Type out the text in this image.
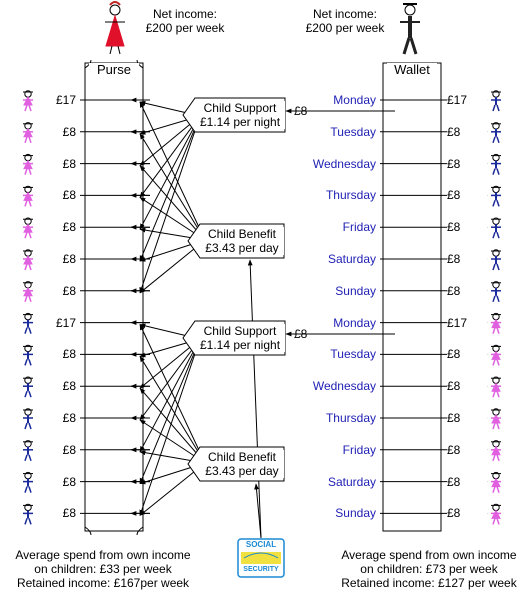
Net income:
£200 per week
Net income:
£200 per week
Purse	Wallet
Monday
£17	£17
Tuesday
£8	£8
Wednesday
£8	£8
Thursday
£8	£8
Friday
£8	£8
Saturday
£8	£8
Sunday
£8	£8
Monday
£17	£17
Tuesday
£8	£8
Wednesday
£8	£8
Thursday
£8	£8
Friday
£8	£8
Saturday
£8	£8
Sunday
£8	£8
Child Support
£1.14 per night
£8
Child Benefit
£3.43 per day
Child Support
£1.14 per night
£8
Child Benefit
£3.43 per day
SOCIAL
SECURITY
Average spend from own income
on children: £33 per week
Retained income: £167per week
Average spend from own income
on children: £73 per week
Retained income: £127 per week
